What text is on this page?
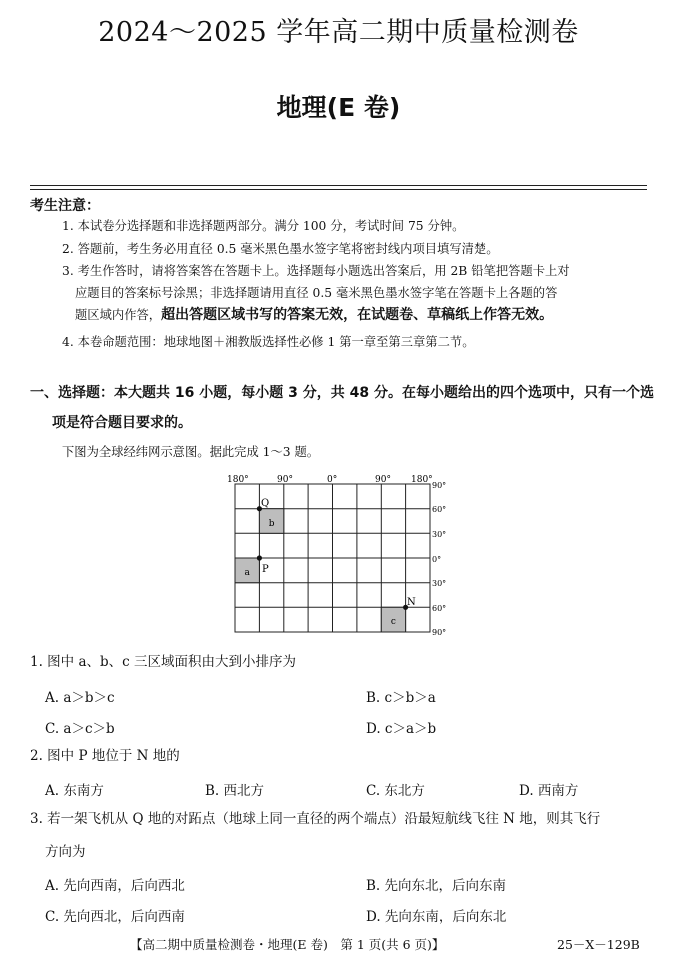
2024～2025 学年高二期中质量检测卷
地理(E 卷)
考生注意：
1. 本试卷分选择题和非选择题两部分。满分 100 分，考试时间 75 分钟。
2. 答题前，考生务必用直径 0.5 毫米黑色墨水签字笔将密封线内项目填写清楚。
3. 考生作答时，请将答案答在答题卡上。选择题每小题选出答案后，用 2B 铅笔把答题卡上对
应题目的答案标号涂黑；非选择题请用直径 0.5 毫米黑色墨水签字笔在答题卡上各题的答
题区域内作答，超出答题区域书写的答案无效，在试题卷、草稿纸上作答无效。
4. 本卷命题范围：地球地图＋湘教版选择性必修 1 第一章至第三章第二节。
一、选择题：本大题共 16 小题，每小题 3 分，共 48 分。在每小题给出的四个选项中，只有一个选
项是符合题目要求的。
下图为全球经纬网示意图。据此完成 1～3 题。
b
a
c
Q
P
N
180°	90°	0°	90° 180°
90°
60°
30°
0°
30°
60°
90°
1. 图中 a、b、c 三区域面积由大到小排序为
A. a＞b＞c	B. c＞b＞a
C. a＞c＞b	D. c＞a＞b
2. 图中 P 地位于 N 地的
A. 东南方	B. 西北方	C. 东北方	D. 西南方
3. 若一架飞机从 Q 地的对跖点（地球上同一直径的两个端点）沿最短航线飞往 N 地，则其飞行
方向为
A. 先向西南，后向西北	B. 先向东北，后向东南
C. 先向西北，后向西南	D. 先向东南，后向东北
【高二期中质量检测卷・地理(E 卷)　第 1 页(共 6 页)】	25－X－129B
